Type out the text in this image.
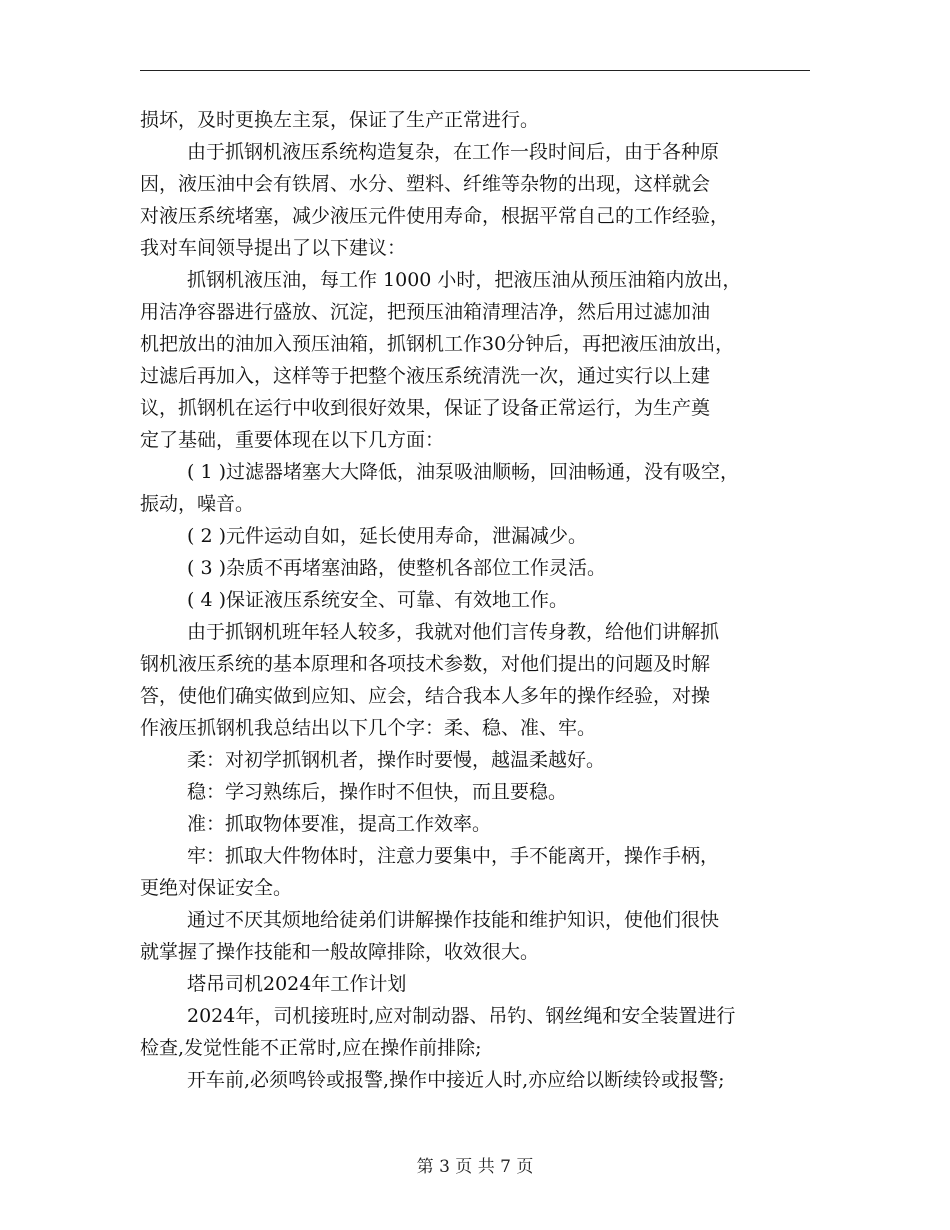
损坏，及时更换左主泵，保证了生产正常进行。
由于抓钢机液压系统构造复杂，在工作一段时间后，由于各种原
因，液压油中会有铁屑、水分、塑料、纤维等杂物的出现，这样就会
对液压系统堵塞，减少液压元件使用寿命，根据平常自己的工作经验，
我对车间领导提出了以下建议：
抓钢机液压油，每工作 1000 小时，把液压油从预压油箱内放出，
用洁净容器进行盛放、沉淀，把预压油箱清理洁净，然后用过滤加油
机把放出的油加入预压油箱，抓钢机工作30分钟后，再把液压油放出，
过滤后再加入，这样等于把整个液压系统清洗一次，通过实行以上建
议，抓钢机在运行中收到很好效果，保证了设备正常运行，为生产奠
定了基础，重要体现在以下几方面：
( 1 )过滤器堵塞大大降低，油泵吸油顺畅，回油畅通，没有吸空，
振动，噪音。
( 2 )元件运动自如，延长使用寿命，泄漏减少。
( 3 )杂质不再堵塞油路，使整机各部位工作灵活。
( 4 )保证液压系统安全、可靠、有效地工作。
由于抓钢机班年轻人较多，我就对他们言传身教，给他们讲解抓
钢机液压系统的基本原理和各项技术参数，对他们提出的问题及时解
答，使他们确实做到应知、应会，结合我本人多年的操作经验，对操
作液压抓钢机我总结出以下几个字：柔、稳、准、牢。
柔：对初学抓钢机者，操作时要慢，越温柔越好。
稳：学习熟练后，操作时不但快，而且要稳。
准：抓取物体要准，提高工作效率。
牢：抓取大件物体时，注意力要集中，手不能离开，操作手柄，
更绝对保证安全。
通过不厌其烦地给徒弟们讲解操作技能和维护知识，使他们很快
就掌握了操作技能和一般故障排除，收效很大。
塔吊司机2024年工作计划
2024年，司机接班时,应对制动器、吊钓、钢丝绳和安全装置进行
检查,发觉性能不正常时,应在操作前排除;
开车前,必须鸣铃或报警,操作中接近人时,亦应给以断续铃或报警;
第 3 页 共 7 页
